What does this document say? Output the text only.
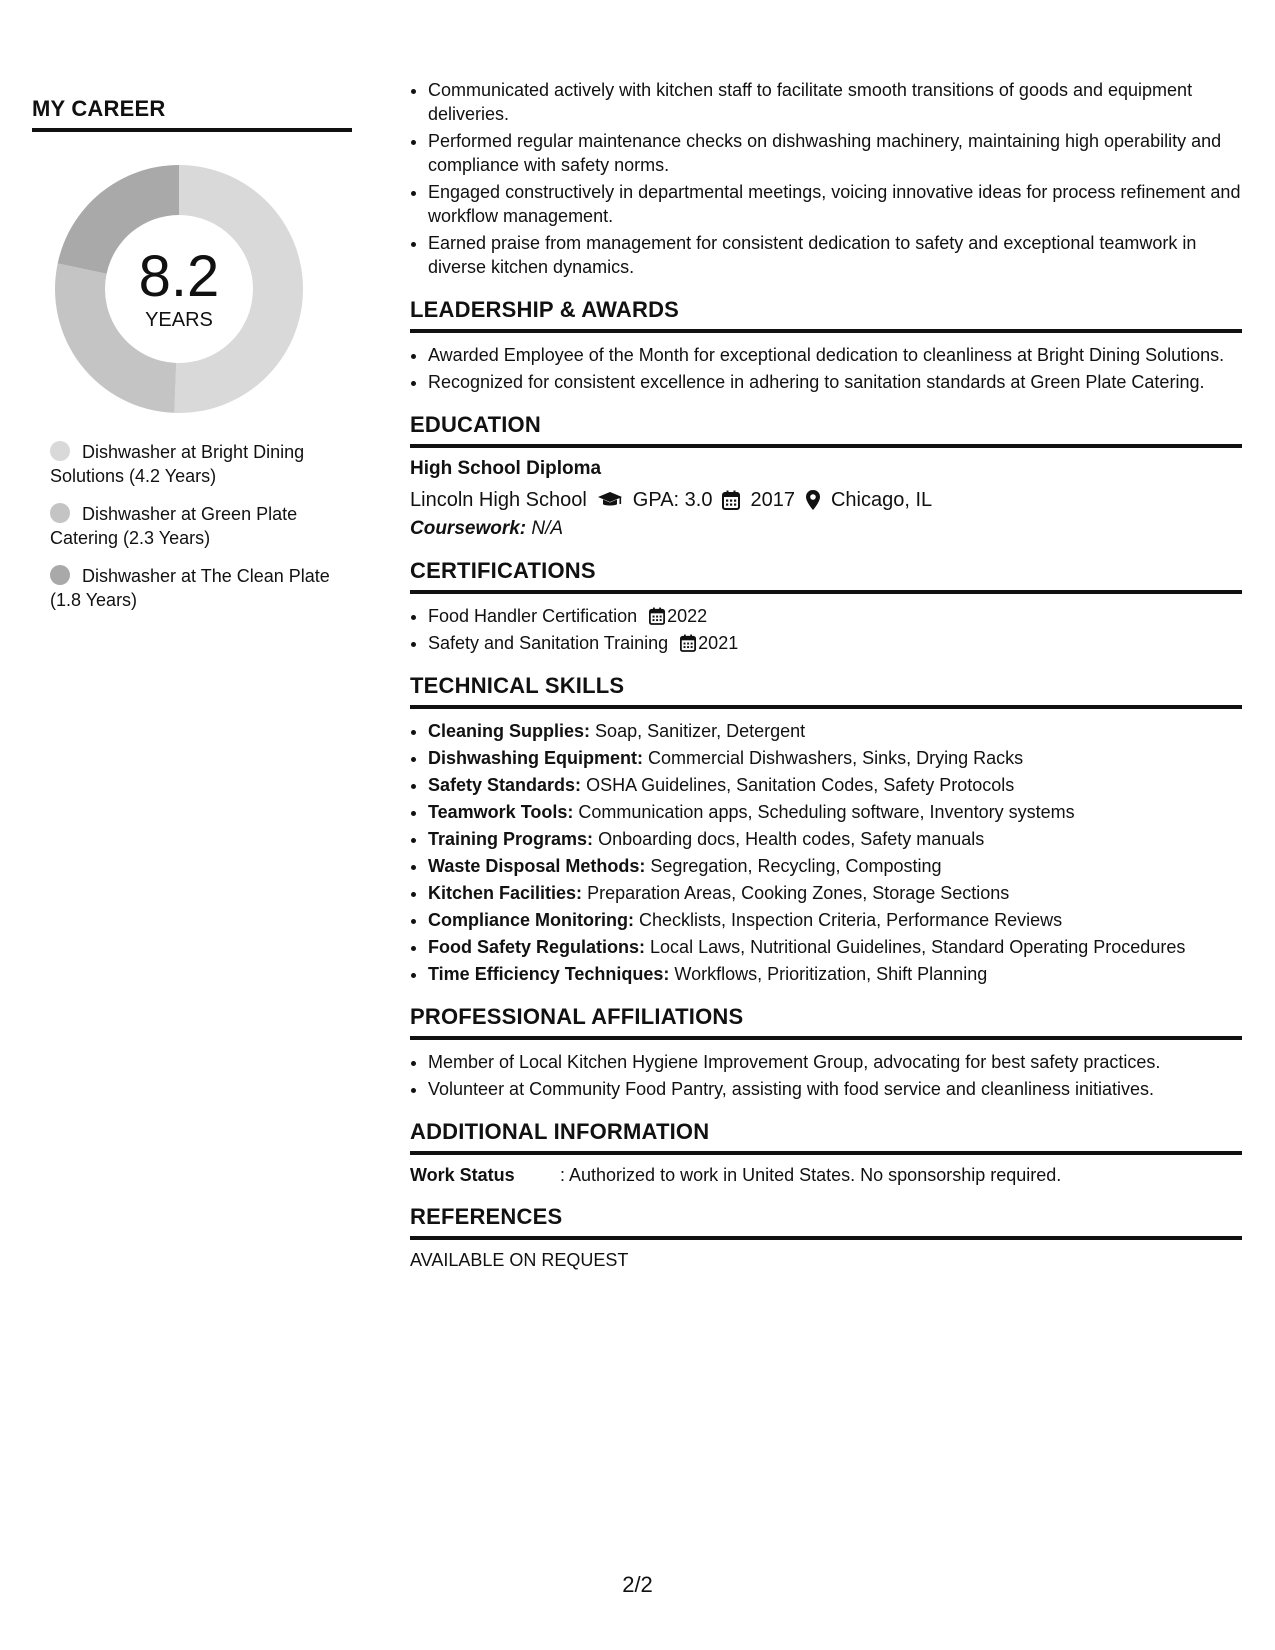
MY CAREER
8.2
YEARS
Dishwasher at Bright Dining Solutions (4.2 Years)
Dishwasher at Green Plate Catering (2.3 Years)
Dishwasher at The Clean Plate (1.8 Years)
• Communicated actively with kitchen staff to facilitate smooth transitions of goods and equipment deliveries.
• Performed regular maintenance checks on dishwashing machinery, maintaining high operability and compliance with safety norms.
• Engaged constructively in departmental meetings, voicing innovative ideas for process refinement and workflow management.
• Earned praise from management for consistent dedication to safety and exceptional teamwork in diverse kitchen dynamics.
LEADERSHIP & AWARDS
• Awarded Employee of the Month for exceptional dedication to cleanliness at Bright Dining Solutions.
• Recognized for consistent excellence in adhering to sanitation standards at Green Plate Catering.
EDUCATION
High School Diploma
Lincoln High School GPA: 3.0 2017 Chicago, IL
Coursework: N/A
CERTIFICATIONS
• Food Handler Certification 2022
• Safety and Sanitation Training 2021
TECHNICAL SKILLS
• Cleaning Supplies: Soap, Sanitizer, Detergent
• Dishwashing Equipment: Commercial Dishwashers, Sinks, Drying Racks
• Safety Standards: OSHA Guidelines, Sanitation Codes, Safety Protocols
• Teamwork Tools: Communication apps, Scheduling software, Inventory systems
• Training Programs: Onboarding docs, Health codes, Safety manuals
• Waste Disposal Methods: Segregation, Recycling, Composting
• Kitchen Facilities: Preparation Areas, Cooking Zones, Storage Sections
• Compliance Monitoring: Checklists, Inspection Criteria, Performance Reviews
• Food Safety Regulations: Local Laws, Nutritional Guidelines, Standard Operating Procedures
• Time Efficiency Techniques: Workflows, Prioritization, Shift Planning
PROFESSIONAL AFFILIATIONS
• Member of Local Kitchen Hygiene Improvement Group, advocating for best safety practices.
• Volunteer at Community Food Pantry, assisting with food service and cleanliness initiatives.
ADDITIONAL INFORMATION
Work Status	: Authorized to work in United States. No sponsorship required.
REFERENCES
AVAILABLE ON REQUEST
2/2
